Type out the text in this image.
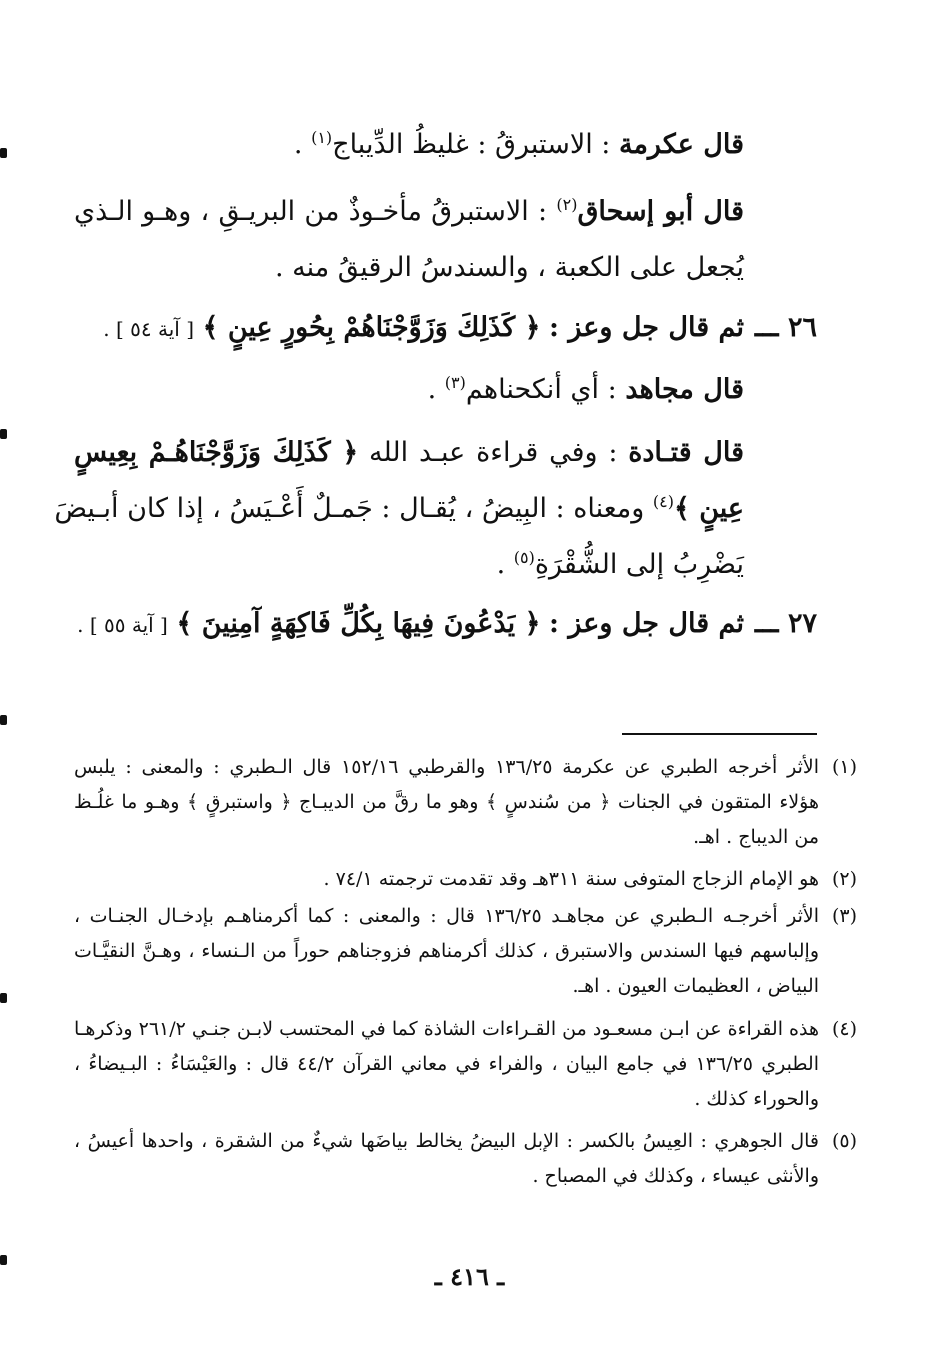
قال عكرمة : الاستبرقُ : غليظُ الدِّيباج$^{(١)}$ .
قال أبو إسحاق$^{(٢)}$ : الاستبرقُ مأخـوذٌ من البريـقِ ، وهـو الـذي
يُجعل على الكعبة ، والسندسُ الرقيقُ منه .
٢٦ ـــ
ثم قال جل وعز : ﴿ كَذَلِكَ وَزَوَّجْنَاهُمْ بِحُورٍ عِينٍ ﴾ [ آية ٥٤ ] .
قال مجاهد : أي أنكحناهم$^{(٣)}$ .
قال قتـادة : وفي قراءة عبـد الله ﴿ كَذَلِكَ وَزَوَّجْنَاهُـمْ بِعِيسٍ
عِينٍ ﴾$^{(٤)}$ ومعناه : البِيضُ ، يُقـال : جَمـلٌ أَعْـيَسُ ، إذا كان أبـيضَ
يَضْرِبُ إلى الشُّقْرَةِ$^{(٥)}$ .
٢٧ ـــ
ثم قال جل وعز : ﴿ يَدْعُونَ فِيهَا بِكُلِّ فَاكِهَةٍ آمِنِينَ ﴾ [ آية ٥٥ ] .
(١)
الأثر أخرجه الطبري عن عكرمة ١٣٦/٢٥ والقرطبي ١٥٢/١٦ قال الـطبري : والمعنى : يلبس
هؤلاء المتقون في الجنات ﴿ من سُندسٍ ﴾ وهو ما رقَّ من الديبـاج ﴿ واستبرقٍ ﴾ وهـو ما غلُـظ
من الديباج . اهـ.
(٢)
هو الإمام الزجاج المتوفى سنة ٣١١هـ وقد تقدمت ترجمته ٧٤/١ .
(٣)
الأثر أخرجـه الـطبري عن مجاهـد ١٣٦/٢٥ قال : والمعنى : كما أكرمناهـم بإدخـال الجنـات ،
وإلباسهم فيها السندس والاستبرق ، كذلك أكرمناهم فزوجناهم حوراً من الـنساء ، وهـنَّ النقيَّـات
البياض ، العظيمات العيون . اهـ.
(٤)
هذه القراءة عن ابـن مسعـود من القـراءات الشاذة كما في المحتسب لابـن جنـي ٢٦١/٢ وذكرهـا
الطبري ١٣٦/٢٥ في جامع البيان ، والفراء في معاني القرآن ٤٤/٢ قال : والعَيْسَاءُ : البـيضاءُ ،
والحوراء كذلك .
(٥)
قال الجوهري : العِيسُ بالكسر : الإبل البيضُ يخالط بياضَها شيءٌ من الشقرة ، واحدها أعيسُ ،
والأنثى عيساء ، وكذلك في المصباح .
ـ ٤١٦ ـ
